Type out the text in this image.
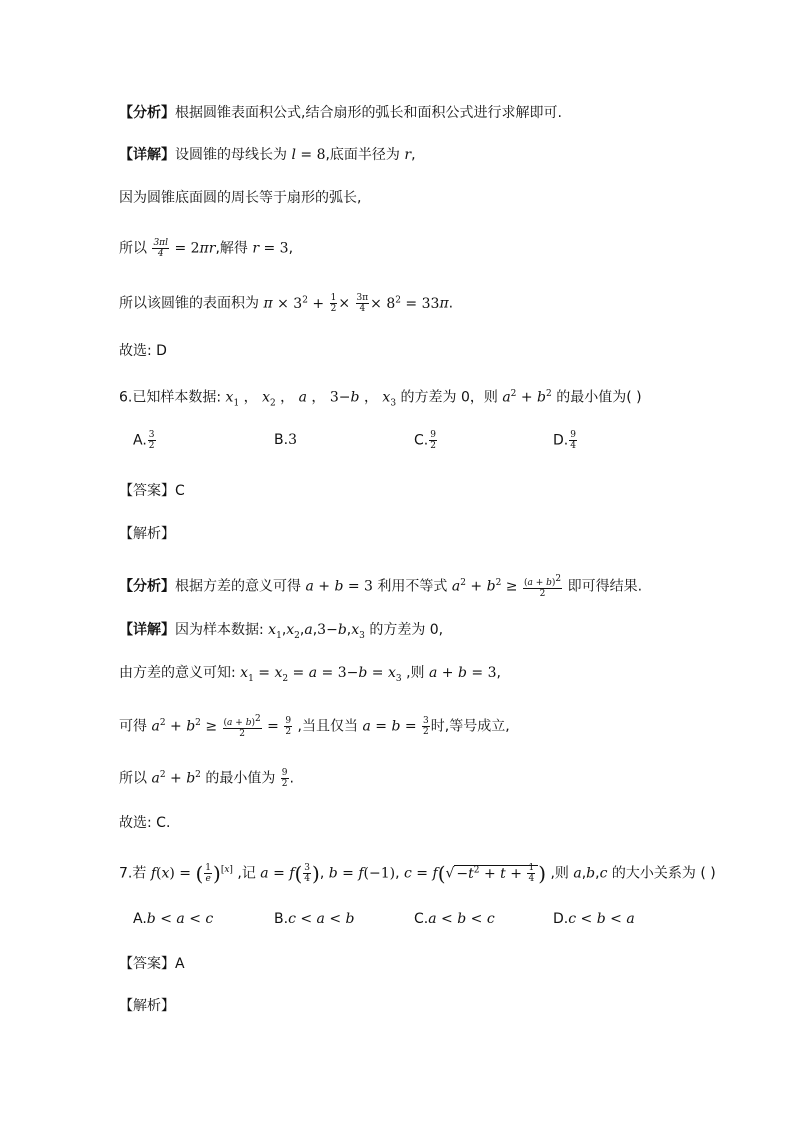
【分析】根据圆锥表面积公式,结合扇形的弧长和面积公式进行求解即可.
【详解】设圆锥的母线长为 l = 8,底面半径为 r,
因为圆锥底面圆的周长等于扇形的弧长,
所以 $\frac{3\pi l}{4} = 2\pi r$,解得 r = 3,
所以该圆锥的表面积为 $\pi \times 3^2 + \frac{1}{2} \times \frac{3\pi}{4} \times 8^2 = 33\pi$.
故选: D
6.已知样本数据: $x_1$ ， $x_2$ ， a ， 3−b ， $x_3$ 的方差为 0，则 $a^2 + b^2$ 的最小值为( )
A. $\frac{3}{2}$	B.3	C. $\frac{9}{2}$	D. $\frac{9}{4}$
【答案】C
【解析】
【分析】根据方差的意义可得 a + b = 3 利用不等式 $a^2 + b^2 \ge \frac{(a + b)^2}{2}$ 即可得结果.
【详解】因为样本数据: $x_1,x_2,a,3-b,x_3$ 的方差为 0,
由方差的意义可知: $x_1 = x_2 = a = 3-b = x_3$ ,则 a + b = 3,
可得 $a^2 + b^2 \ge \frac{(a + b)^2}{2} = \frac{9}{2}$ ,当且仅当 $a = b = \frac{3}{2}$ 时,等号成立,
所以 $a^2 + b^2$ 的最小值为 $\frac{9}{2}$ .
故选: C.
7.若 f(x) = ( $\frac{1}{e} )[x]$ ,记 $a = f( \frac{3}{4}$ ), b = f(−1), $c = f(√ -t^2 + t + \frac{1}{4}$ ) ,则 a,b,c 的大小关系为 ( )
A.b < a < c	B.c < a < b	C.a < b < c	D.c < b < a
【答案】A
【解析】
